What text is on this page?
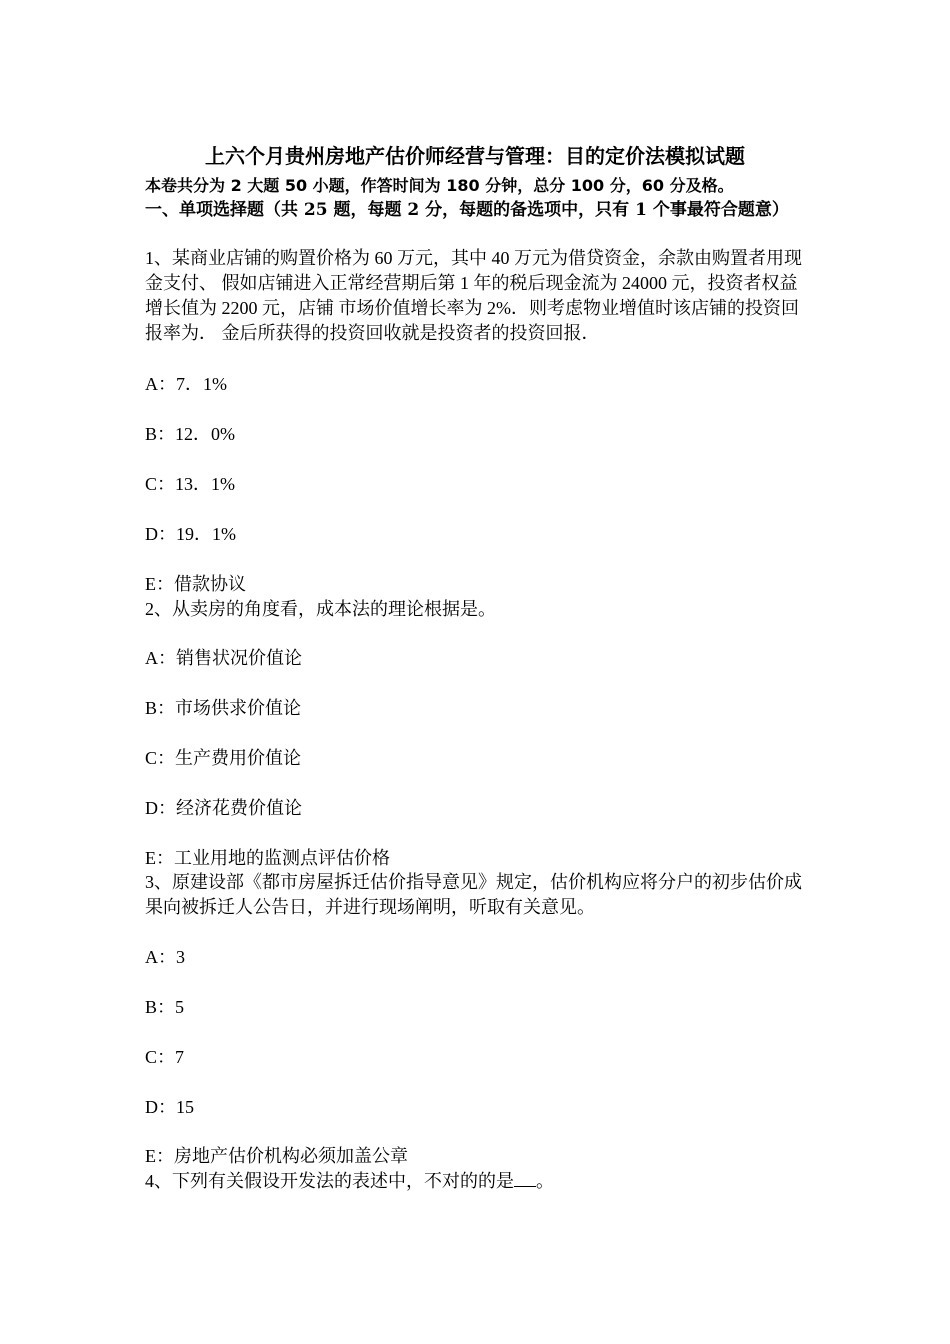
上六个月贵州房地产估价师经营与管理：目的定价法模拟试题
本卷共分为 2 大题 50 小题，作答时间为 180 分钟，总分 100 分，60 分及格。
一、单项选择题（共 25 题，每题 2 分，每题的备选项中，只有 1 个事最符合题意）
1、某商业店铺的购置价格为 60 万元，其中 40 万元为借贷资金，余款由购置者用现金支付、 假如店铺进入正常经营期后第 1 年的税后现金流为 24000 元，投资者权益增长值为 2200 元，店铺 市场价值增长率为 2%．则考虑物业增值时该店铺的投资回报率为． 金后所获得的投资回收就是投资者的投资回报．
A：7．1%
B：12．0%
C：13．1%
D：19．1%
E：借款协议
2、从卖房的角度看，成本法的理论根据是。
A：销售状况价值论
B：市场供求价值论
C：生产费用价值论
D：经济花费价值论
E：工业用地的监测点评估价格
3、原建设部《都市房屋拆迁估价指导意见》规定，估价机构应将分户的初步估价成果向被拆迁人公告日，并进行现场阐明，听取有关意见。
A：3
B：5
C：7
D：15
E：房地产估价机构必须加盖公章
4、下列有关假设开发法的表述中，不对的的是 。
